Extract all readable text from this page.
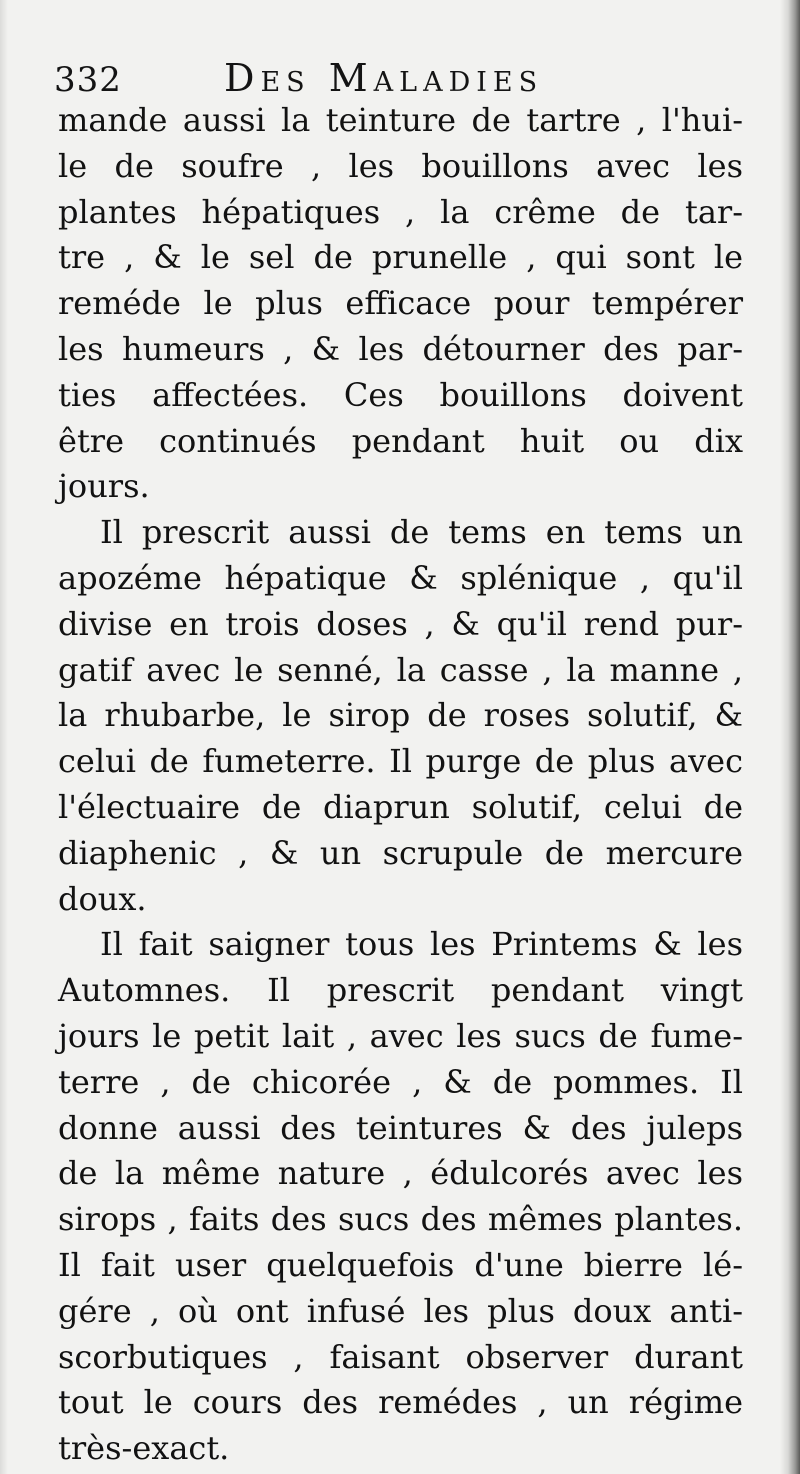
332	Des Maladies
mande aussi la teinture de tartre , l'hui-
le de soufre , les bouillons avec les
plantes hépatiques , la crême de tar-
tre , & le sel de prunelle , qui sont le
reméde le plus efficace pour tempérer
les humeurs , & les détourner des par-
ties affectées. Ces bouillons doivent
être continués pendant huit ou dix
jours.
Il prescrit aussi de tems en tems un
apozéme hépatique & splénique , qu'il
divise en trois doses , & qu'il rend pur-
gatif avec le senné, la casse , la manne ,
la rhubarbe, le sirop de roses solutif, &
celui de fumeterre. Il purge de plus avec
l'électuaire de diaprun solutif, celui de
diaphenic , & un scrupule de mercure
doux.
Il fait saigner tous les Printems & les
Automnes. Il prescrit pendant vingt
jours le petit lait , avec les sucs de fume-
terre , de chicorée , & de pommes. Il
donne aussi des teintures & des juleps
de la même nature , édulcorés avec les
sirops , faits des sucs des mêmes plantes.
Il fait user quelquefois d'une bierre lé-
gére , où ont infusé les plus doux anti-
scorbutiques , faisant observer durant
tout le cours des remédes , un régime
très-exact.
